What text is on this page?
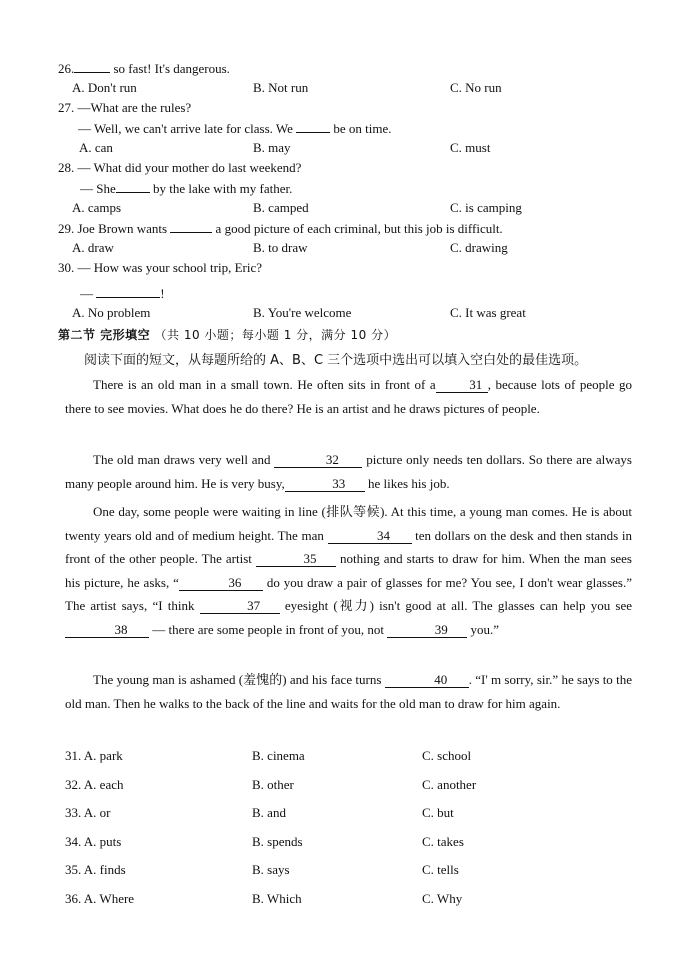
26.	so fast! It's dangerous.
A. Don't run	B. Not run	C. No run
27. —What are the rules?
— Well, we can't arrive late for class. We	be on time.
A. can	B. may	C. must
28. — What did your mother do last weekend?
— She	by the lake with my father.
A. camps	B. camped	C. is camping
29. Joe Brown wants	a good picture of each criminal, but this job is difficult.
A. draw	B. to draw	C. drawing
30. — How was your school trip, Eric?
—	!
A. No problem	B. You're welcome	C. It was great
第二节 完形填空 （共 10 小题；每小题 1 分，满分 10 分）
阅读下面的短文，从每题所给的 A、B、C 三个选项中选出可以填入空白处的最佳选项。
There is an old man in a small town. He often sits in front of a	31 , because lots of people go there to see movies. What does he do there? He is an artist and he draws pictures of people.
The old man draws very well and	32 picture only needs ten dollars. So there are always many people around him. He is very busy,	33 he likes his job.
One day, some people were waiting in line (排队等候). At this time, a young man comes. He is about twenty years old and of medium height. The man	34 ten dollars on the desk and then stands in front of the other people. The artist	35 nothing and starts to draw for him. When the man sees his picture, he asks, “	36 do you draw a pair of glasses for me? You see, I don't wear glasses.” The artist says, “I think	37 eyesight (视力) isn't good at all. The glasses can help you see 38 — there are some people in front of you, not	39 you.”
The young man is ashamed (羞愧的) and his face turns	40 . “I' m sorry, sir.” he says to the old man. Then he walks to the back of the line and waits for the old man to draw for him again.
31. A. park	B. cinema	C. school
32. A. each	B. other	C. another
33. A. or	B. and	C. but
34. A. puts	B. spends	C. takes
35. A. finds	B. says	C. tells
36. A. Where	B. Which	C. Why
